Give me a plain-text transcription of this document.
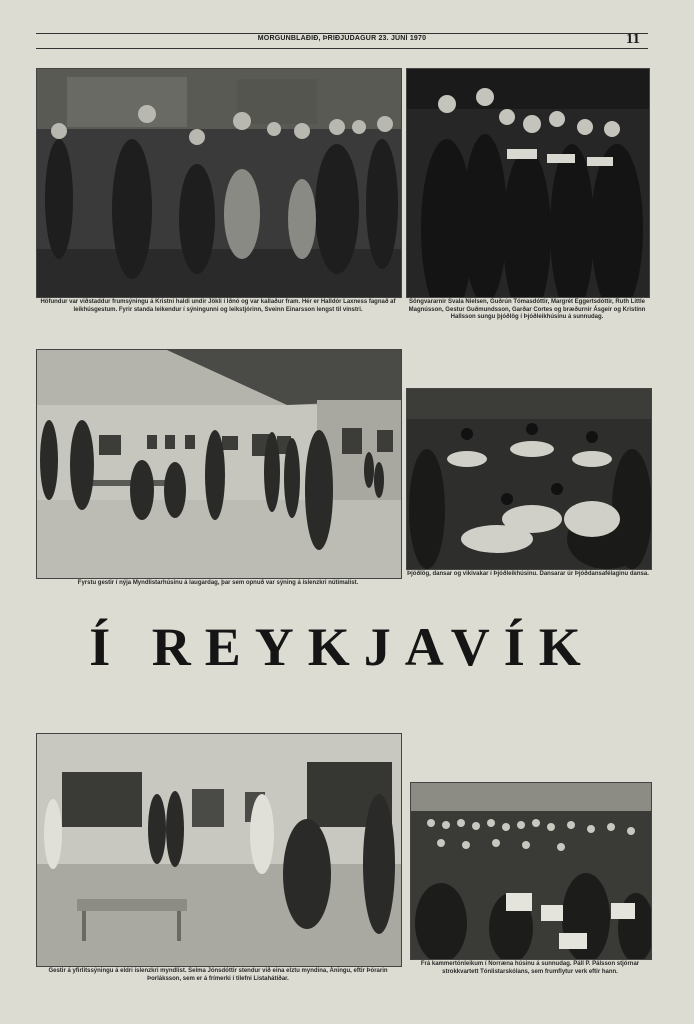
MORGUNBLAÐIÐ, ÞRIÐJUDAGUR 23. JÚNÍ 1970	11
Höfundur var viðstaddur frumsýningu á Kristni haldi undir Jökli í Iðnó og var kallaður fram. Hér er Halldór Laxness fagnað af leikhúsgestum. Fyrir standa leikendur í sýningunni og leikstjórinn, Sveinn Einarsson lengst til vinstri.
Söngvararnir Svala Nielsen, Guðrún Tómasdóttir, Margrét Eggertsdóttir, Ruth Little Magnússon, Gestur Guðmundsson, Garðar Cortes og bræðurnir Ásgeir og Kristinn Hallsson sungu þjóðlög í Þjóðleikhúsinu á sunnudag.
Fyrstu gestir í nýja Myndlistarhúsinu á laugardag, þar sem opnuð var sýning á íslenzkri nútímalist.
Þjóðlög, dansar og vikivakar í Þjóðleikhúsinu. Dansarar úr Þjóðdansafélaginu dansa.
Í REYKJAVÍK
Gestir á yfirlitssýningu á eldri íslenzkri myndlist. Selma Jónsdóttir stendur við eina elztu myndina, Áningu, eftir Þórarin Þorláksson, sem er á frímerki í tilefni Listahátíðar.
Frá kammertónleikum í Norræna húsinu á sunnudag. Páll P. Pálsson stjórnar strokkvartett Tónlistarskólans, sem frumflytur verk eftir hann.
